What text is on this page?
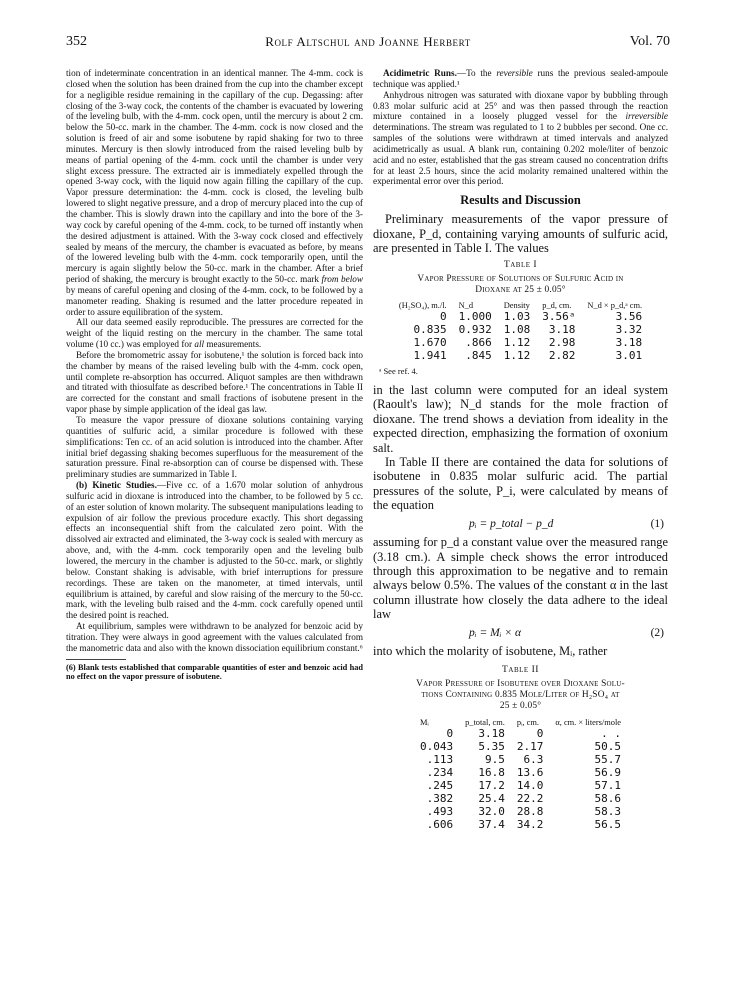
352	Rolf Altschul and Joanne Herbert	Vol. 70

tion of indeterminate concentration in an identical manner. The 4-mm. cock is closed when the solution has been drained from the cup into the chamber except for a negligible residue remaining in the capillary of the cup. Degassing: after closing of the 3-way cock, the contents of the chamber is evacuated by lowering of the leveling bulb, with the 4-mm. cock open, until the mercury is about 2 cm. below the 50-cc. mark in the chamber. The 4-mm. cock is now closed and the solution is freed of air and some isobutene by rapid shaking for two to three minutes. Mercury is then slowly introduced from the raised leveling bulb by means of partial opening of the 4-mm. cock until the chamber is under very slight excess pressure. The extracted air is immediately expelled through the opened 3-way cock, with the liquid now again filling the capillary of the cup. Vapor pressure determination: the 4-mm. cock is closed, the leveling bulb lowered to slight negative pressure, and a drop of mercury placed into the cup of the chamber. This is slowly drawn into the capillary and into the bore of the 3-way cock by careful opening of the 4-mm. cock, to be turned off instantly when the desired adjustment is attained. With the 3-way cock closed and effectively sealed by means of the mercury, the chamber is evacuated as before, by means of the lowered leveling bulb with the 4-mm. cock temporarily open, until the mercury is again slightly below the 50-cc. mark in the chamber. After a brief period of shaking, the mercury is brought exactly to the 50-cc. mark from below by means of careful opening and closing of the 4-mm. cock, to be followed by a manometer reading. Shaking is resumed and the latter procedure repeated in order to assure equilibration of the system.

All our data seemed easily reproducible. The pressures are corrected for the weight of the liquid resting on the mercury in the chamber. The same total volume (10 cc.) was employed for all measurements.

Before the bromometric assay for isobutene,¹ the solution is forced back into the chamber by means of the raised leveling bulb with the 4-mm. cock open, until complete re-absorption has occurred. Aliquot samples are then withdrawn and titrated with thiosulfate as described before.¹ The concentrations in Table II are corrected for the constant and small fractions of isobutene present in the vapor phase by simple application of the ideal gas law.

To measure the vapor pressure of dioxane solutions containing varying quantities of sulfuric acid, a similar procedure is followed with these simplifications: Ten cc. of an acid solution is introduced into the chamber. After initial brief degassing shaking becomes superfluous for the measurement of the saturation pressure. Final re-absorption can of course be dispensed with. These preliminary studies are summarized in Table I.

(b) Kinetic Studies.—Five cc. of a 1.670 molar solution of anhydrous sulfuric acid in dioxane is introduced into the chamber, to be followed by 5 cc. of an ester solution of known molarity. The subsequent manipulations leading to expulsion of air follow the previous procedure exactly. This short degassing effects an inconsequential shift from the calculated zero point. With the dissolved air extracted and eliminated, the 3-way cock is sealed with mercury as above, and, with the 4-mm. cock temporarily open and the leveling bulb lowered, the mercury in the chamber is adjusted to the 50-cc. mark, or slightly below. Constant shaking is advisable, with brief interruptions for pressure recordings. These are taken on the manometer, at timed intervals, until equilibrium is attained, by careful and slow raising of the mercury to the 50-cc. mark, with the leveling bulb raised and the 4-mm. cock carefully opened until the desired point is reached.

At equilibrium, samples were withdrawn to be analyzed for benzoic acid by titration. They were always in good agreement with the values calculated from the manometric data and also with the known dissociation equilibrium constant.⁶

(6) Blank tests established that comparable quantities of ester and benzoic acid had no effect on the vapor pressure of isobutene.

Acidimetric Runs.—To the reversible runs the previous sealed-ampoule technique was applied.¹

Anhydrous nitrogen was saturated with dioxane vapor by bubbling through 0.83 molar sulfuric acid at 25° and was then passed through the reaction mixture contained in a loosely plugged vessel for the irreversible determinations. The stream was regulated to 1 to 2 bubbles per second. One cc. samples of the solutions were withdrawn at timed intervals and analyzed acidimetrically as usual. A blank run, containing 0.202 mole/liter of benzoic acid and no ester, established that the gas stream caused no concentration drifts for at least 2.5 hours, since the acid molarity remained unaltered within the experimental error over this period.

Results and Discussion

Preliminary measurements of the vapor pressure of dioxane, P_d, containing varying amounts of sulfuric acid, are presented in Table I. The values

Table I
Vapor Pressure of Solutions of Sulfuric Acid in
Dioxane at 25 ± 0.05°
(H₂SO₄), m./l.	N_d	Density	p_d, cm.	N_d × p_d,ᵃ cm.
0	1.000	1.03	3.56ᵃ	3.56
0.835	0.932	1.08	3.18	3.32
1.670	.866	1.12	2.98	3.18
1.941	.845	1.12	2.82	3.01
ᵃ See ref. 4.

in the last column were computed for an ideal system (Raoult's law); N_d stands for the mole fraction of dioxane. The trend shows a deviation from ideality in the expected direction, emphasizing the formation of oxonium salt.

In Table II there are contained the data for solutions of isobutene in 0.835 molar sulfuric acid. The partial pressures of the solute, P_i, were calculated by means of the equation

pᵢ = p_total − p_d	(1)

assuming for p_d a constant value over the measured range (3.18 cm.). A simple check shows the error introduced through this approximation to be negative and to remain always below 0.5%. The values of the constant α in the last column illustrate how closely the data adhere to the ideal law

pᵢ = Mᵢ × α	(2)

into which the molarity of isobutene, Mᵢ, rather

Table II
Vapor Pressure of Isobutene over Dioxane Solu-
tions Containing 0.835 Mole/Liter of H₂SO₄ at
25 ± 0.05°
Mᵢ	p_total, cm.	pᵢ, cm.	α, cm. × liters/mole
0	3.18	0	. .
0.043	5.35	2.17	50.5
.113	9.5	6.3	55.7
.234	16.8	13.6	56.9
.245	17.2	14.0	57.1
.382	25.4	22.2	58.6
.493	32.0	28.8	58.3
.606	37.4	34.2	56.5
